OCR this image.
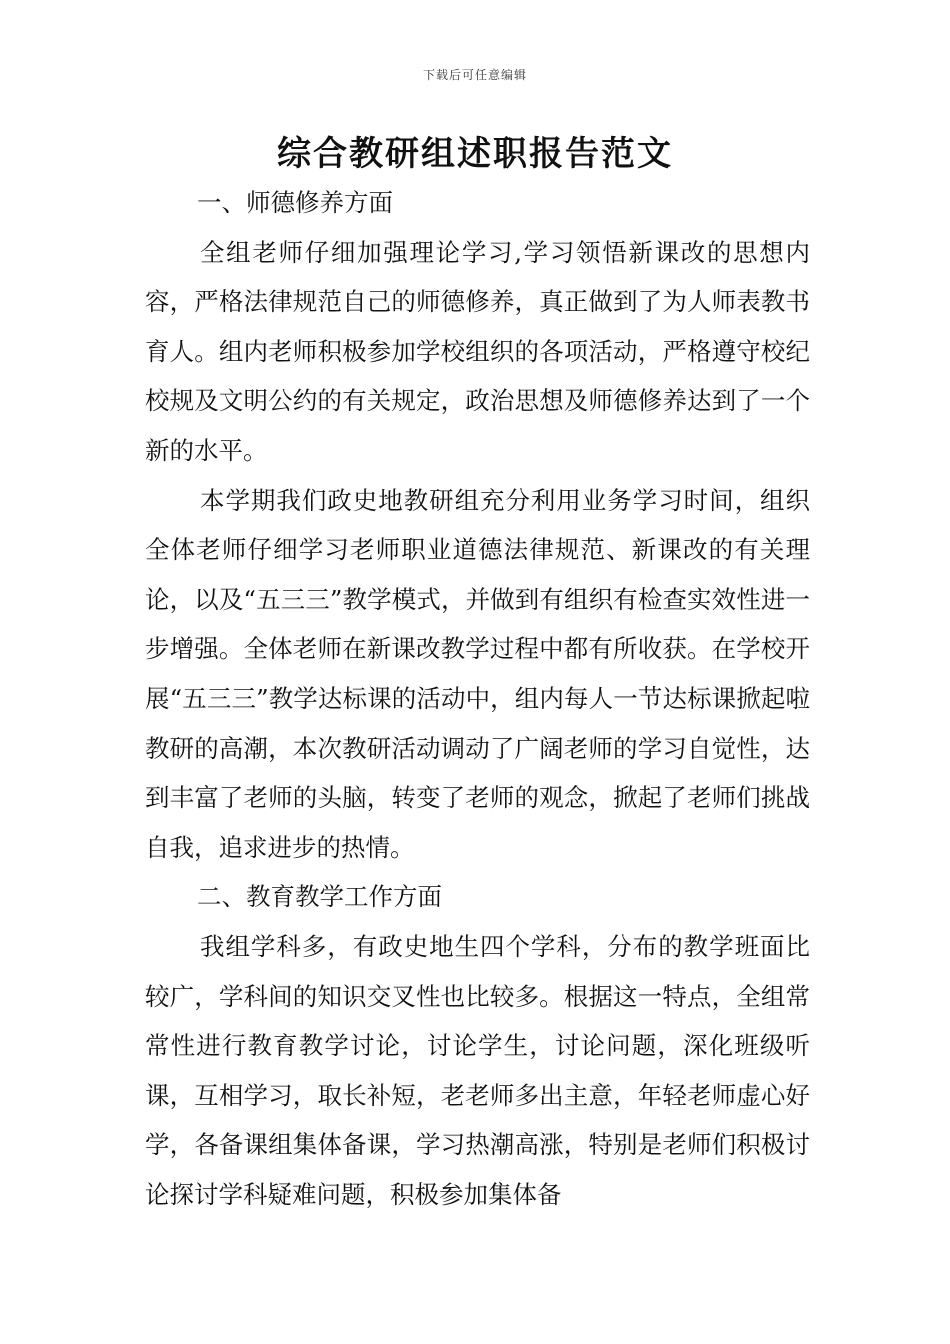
下载后可任意编辑
综合教研组述职报告范文
一、师德修养方面

全组老师仔细加强理论学习,学习领悟新课改的思想内容，严格法律规范自己的师德修养，真正做到了为人师表教书育人。组内老师积极参加学校组织的各项活动，严格遵守校纪校规及文明公约的有关规定，政治思想及师德修养达到了一个新的水平。

本学期我们政史地教研组充分利用业务学习时间，组织全体老师仔细学习老师职业道德法律规范、新课改的有关理论，以及“五三三”教学模式，并做到有组织有检查实效性进一步增强。全体老师在新课改教学过程中都有所收获。在学校开展“五三三”教学达标课的活动中，组内每人一节达标课掀起啦教研的高潮，本次教研活动调动了广阔老师的学习自觉性，达到丰富了老师的头脑，转变了老师的观念，掀起了老师们挑战自我，追求进步的热情。

二、教育教学工作方面

我组学科多，有政史地生四个学科，分布的教学班面比较广，学科间的知识交叉性也比较多。根据这一特点，全组常常性进行教育教学讨论，讨论学生，讨论问题，深化班级听课，互相学习，取长补短，老老师多出主意，年轻老师虚心好学，各备课组集体备课，学习热潮高涨，特别是老师们积极讨论探讨学科疑难问题，积极参加集体备
